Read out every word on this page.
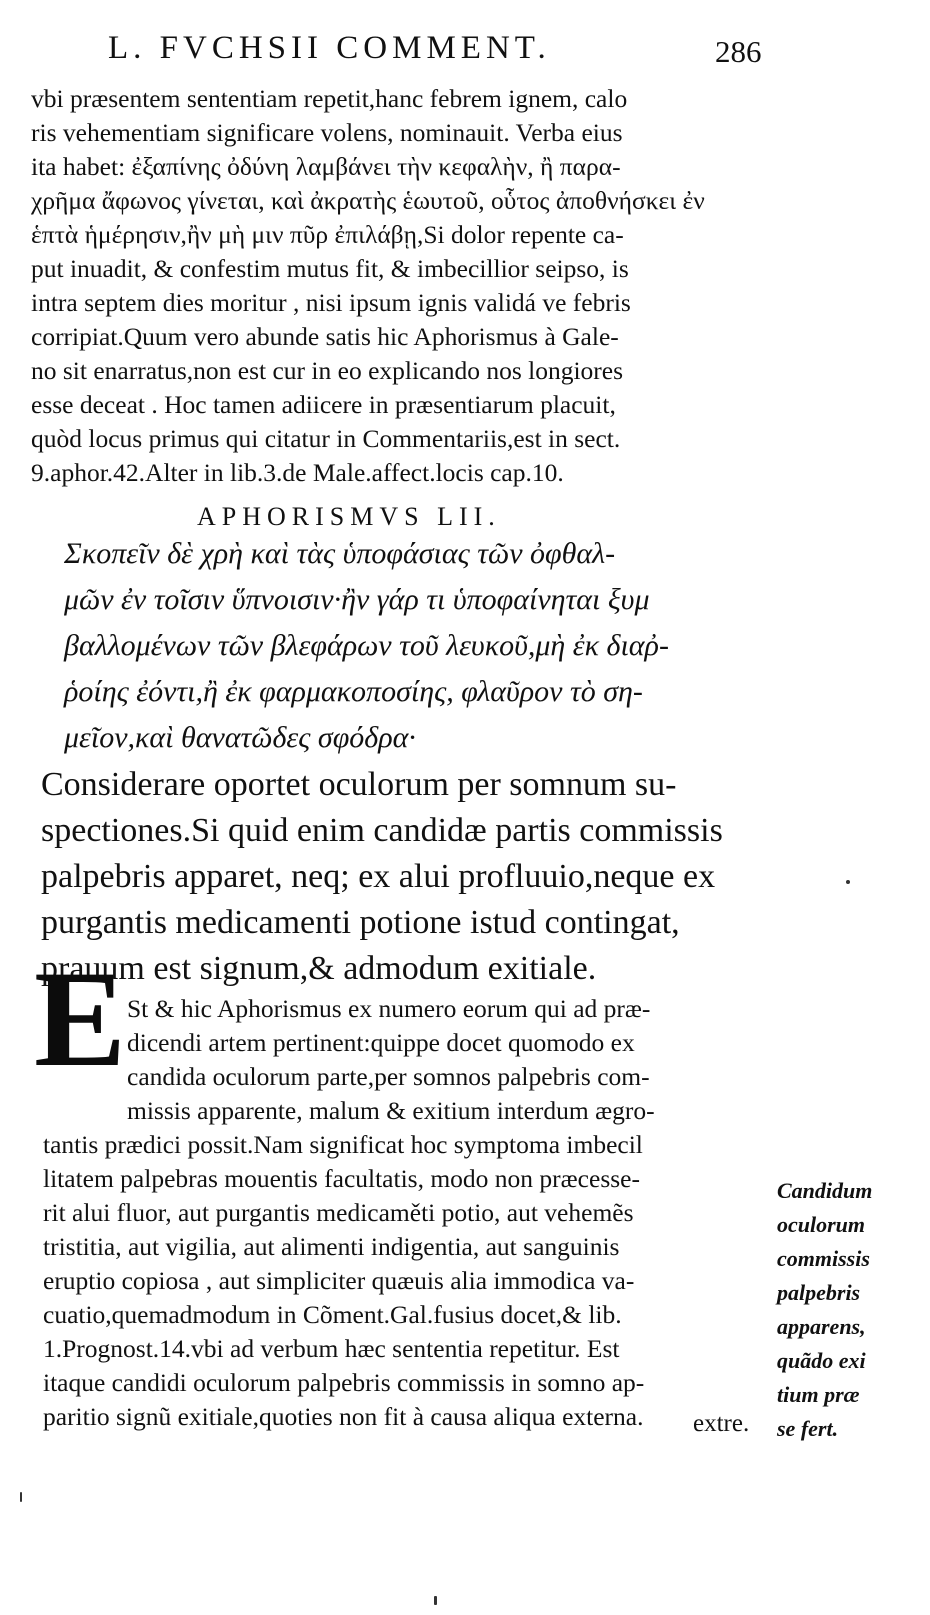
L. FVCHSII COMMENT.	286
vbi præsentem sententiam repetit,hanc febrem ignem, calo
ris vehementiam significare volens, nominauit. Verba eius
ita habet: ἐξαπίνης ὀδύνη λαμβάνει τὴν κεφαλὴν, ἢ παρα-
χρῆμα ἄφωνος γίνεται, καὶ ἀκρατὴς ἑωυτοῦ, οὗτος ἀποθνήσκει ἐν
ἑπτὰ ἡμέρησιν,ἢν μὴ μιν πῦρ ἐπιλάβῃ,Si dolor repente ca-
put inuadit, & confestim mutus fit, & imbecillior seipso, is
intra septem dies moritur , nisi ipsum ignis validá ve febris
corripiat.Quum vero abunde satis hic Aphorismus à Gale-
no sit enarratus,non est cur in eo explicando nos longiores
esse deceat . Hoc tamen adiicere in præsentiarum placuit,
quòd locus primus qui citatur in Commentariis,est in sect.
9.aphor.42.Alter in lib.3.de Male.affect.locis cap.10.
APHORISMVS LII.
Σκοπεῖν δὲ χρὴ καὶ τὰς ὑποφάσιας τῶν ὀφθαλ-
μῶν ἐν τοῖσιν ὕπνοισιν·ἢν γάρ τι ὑποφαίνηται ξυμ
βαλλομένων τῶν βλεφάρων τοῦ λευκοῦ,μὴ ἐκ διαῤ-
ῥοίης ἐόντι,ἢ ἐκ φαρμακοποσίης, φλαῦρον τὸ ση-
μεῖον,καὶ θανατῶδες σφόδρα·
Considerare oportet oculorum per somnum su-
spectiones.Si quid enim candidæ partis commissis
palpebris apparet, neq; ex alui profluuio,neque ex
purgantis medicamenti potione istud contingat,
prauum est signum,& admodum exitiale.
E St & hic Aphorismus ex numero eorum qui ad præ-
dicendi artem pertinent:quippe docet quomodo ex
candida oculorum parte,per somnos palpebris com-
missis apparente, malum & exitium interdum ægro-
tantis prædici possit.Nam significat hoc symptoma imbecil
litatem palpebras mouentis facultatis, modo non præcesse-
rit alui fluor, aut purgantis medicaměti potio, aut vehemẽs
tristitia, aut vigilia, aut alimenti indigentia, aut sanguinis
eruptio copiosa , aut simpliciter quæuis alia immodica va-
cuatio,quemadmodum in Cõment.Gal.fusius docet,& lib.
1.Prognost.14.vbi ad verbum hæc sententia repetitur. Est
itaque candidi oculorum palpebris commissis in somno ap-
paritio signũ exitiale,quoties non fit à causa aliqua externa.
Candidum
oculorum
commissis
palpebris
apparens,
quãdo exi
tium præ
se fert.
extre.
